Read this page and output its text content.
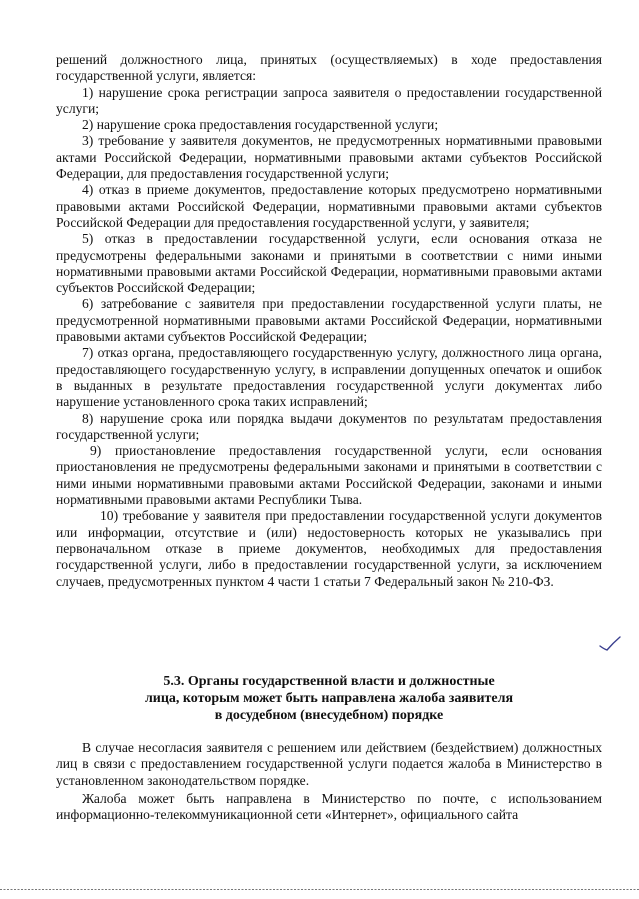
решений должностного лица, принятых (осуществляемых) в ходе предоставления государственной услуги, является:

1) нарушение срока регистрации запроса заявителя о предоставлении государственной услуги;

2) нарушение срока предоставления государственной услуги;

3) требование у заявителя документов, не предусмотренных нормативными правовыми актами Российской Федерации, нормативными правовыми актами субъектов Российской Федерации, для предоставления государственной услуги;

4) отказ в приеме документов, предоставление которых предусмотрено нормативными правовыми актами Российской Федерации, нормативными правовыми актами субъектов Российской Федерации для предоставления государственной услуги, у заявителя;

5) отказ в предоставлении государственной услуги, если основания отказа не предусмотрены федеральными законами и принятыми в соответствии с ними иными нормативными правовыми актами Российской Федерации, нормативными правовыми актами субъектов Российской Федерации;

6) затребование с заявителя при предоставлении государственной услуги платы, не предусмотренной нормативными правовыми актами Российской Федерации, нормативными правовыми актами субъектов Российской Федерации;

7) отказ органа, предоставляющего государственную услугу, должностного лица органа, предоставляющего государственную услугу, в исправлении допущенных опечаток и ошибок в выданных в результате предоставления государственной услуги документах либо нарушение установленного срока таких исправлений;

8) нарушение срока или порядка выдачи документов по результатам предоставления государственной услуги;

9) приостановление предоставления государственной услуги, если основания приостановления не предусмотрены федеральными законами и принятыми в соответствии с ними иными нормативными правовыми актами Российской Федерации, законами и иными нормативными правовыми актами Республики Тыва.

10) требование у заявителя при предоставлении государственной услуги документов или информации, отсутствие и (или) недостоверность которых не указывались при первоначальном отказе в приеме документов, необходимых для предоставления государственной услуги, либо в предоставлении государственной услуги, за исключением случаев, предусмотренных пунктом 4 части 1 статьи 7 Федеральный закон № 210-ФЗ.

5.3. Органы государственной власти и должностные
лица, которым может быть направлена жалоба заявителя
в досудебном (внесудебном) порядке

В случае несогласия заявителя с решением или действием (бездействием) должностных лиц в связи с предоставлением государственной услуги подается жалоба в Министерство в установленном законодательством порядке.

Жалоба может быть направлена в Министерство по почте, с использованием информационно-телекоммуникационной сети «Интернет», официального сайта
